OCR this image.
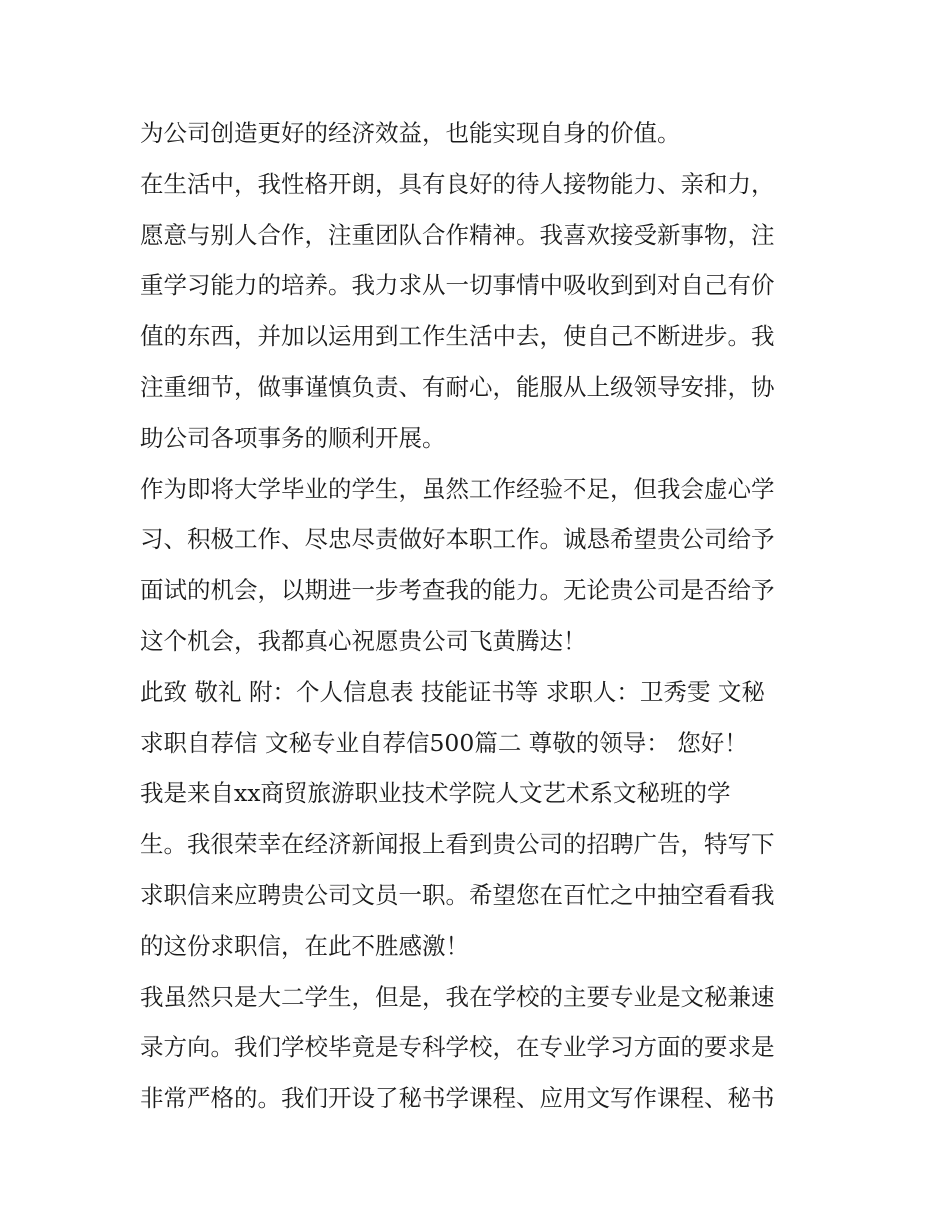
为公司创造更好的经济效益，也能实现自身的价值。
在生活中，我性格开朗，具有良好的待人接物能力、亲和力，
愿意与别人合作，注重团队合作精神。我喜欢接受新事物，注
重学习能力的培养。我力求从一切事情中吸收到到对自己有价
值的东西，并加以运用到工作生活中去，使自己不断进步。我
注重细节，做事谨慎负责、有耐心，能服从上级领导安排，协
助公司各项事务的顺利开展。
作为即将大学毕业的学生，虽然工作经验不足，但我会虚心学
习、积极工作、尽忠尽责做好本职工作。诚恳希望贵公司给予
面试的机会，以期进一步考查我的能力。无论贵公司是否给予
这个机会，我都真心祝愿贵公司飞黄腾达！
此致 敬礼 附：个人信息表 技能证书等 求职人：卫秀雯 文秘
求职自荐信 文秘专业自荐信500篇二 尊敬的领导： 您好！
我是来自xx商贸旅游职业技术学院人文艺术系文秘班的学
生。我很荣幸在经济新闻报上看到贵公司的招聘广告，特写下
求职信来应聘贵公司文员一职。希望您在百忙之中抽空看看我
的这份求职信，在此不胜感激！
我虽然只是大二学生，但是，我在学校的主要专业是文秘兼速
录方向。我们学校毕竟是专科学校，在专业学习方面的要求是
非常严格的。我们开设了秘书学课程、应用文写作课程、秘书
